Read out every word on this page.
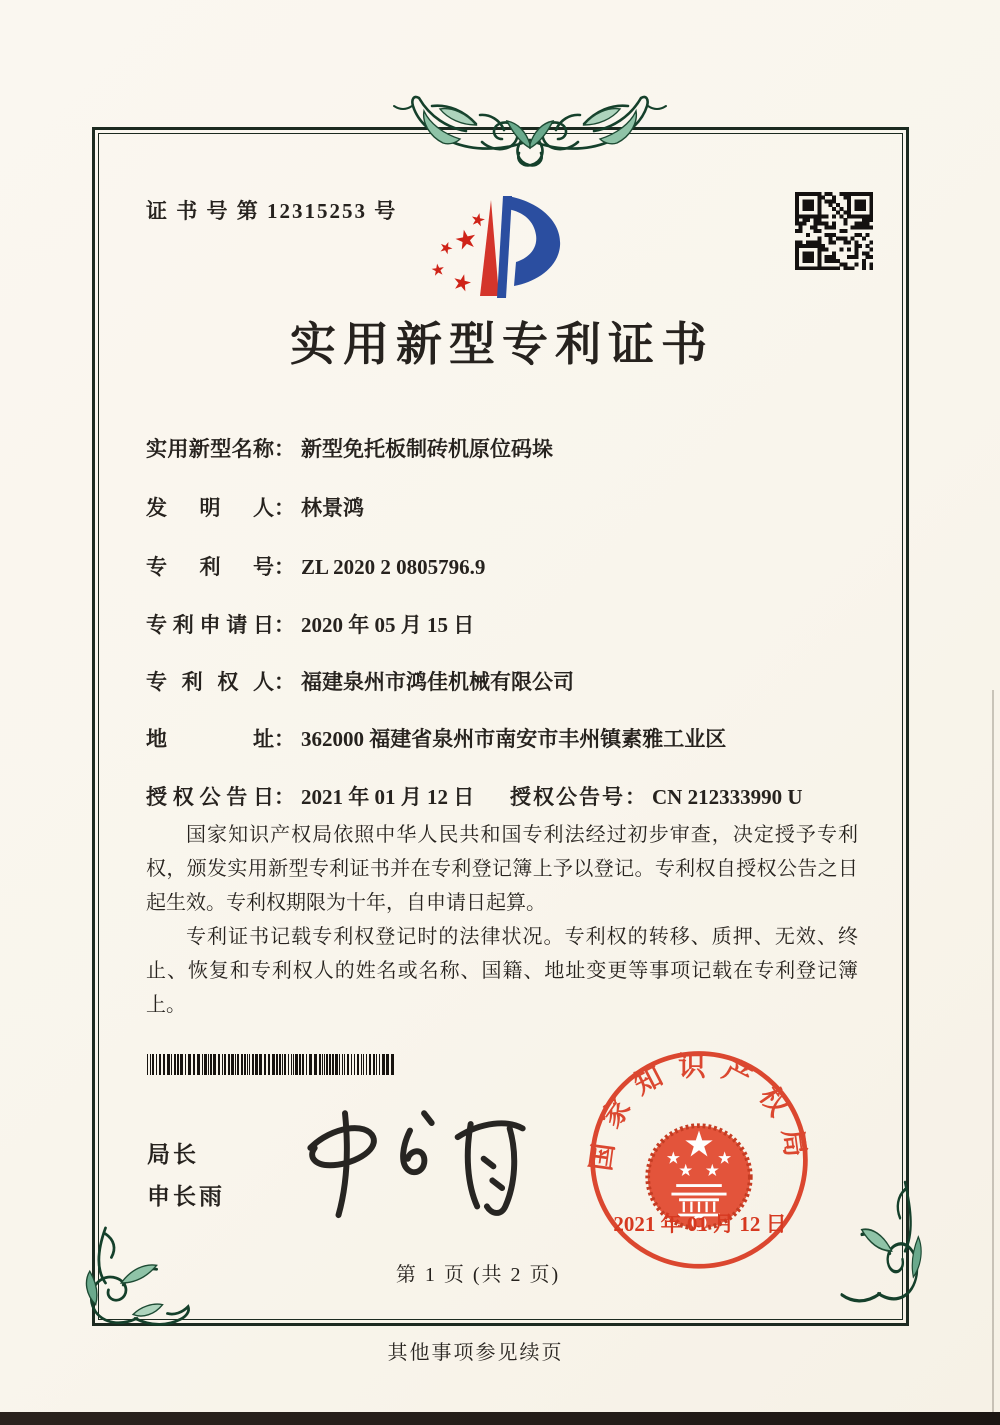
证 书 号 第 12315253 号
实用新型专利证书
实用新型名称： 新型免托板制砖机原位码垛
发明人： 林景鸿
专利号： ZL 2020 2 0805796.9
专利申请日： 2020 年 05 月 15 日
专利权人： 福建泉州市鸿佳机械有限公司
地址： 362000 福建省泉州市南安市丰州镇素雅工业区
授权公告日： 2021 年 01 月 12 日 授权公告号： CN 212333990 U

国家知识产权局依照中华人民共和国专利法经过初步审查，决定授予专利权，颁发实用新型专利证书并在专利登记簿上予以登记。专利权自授权公告之日起生效。专利权期限为十年，自申请日起算。

专利证书记载专利权登记时的法律状况。专利权的转移、质押、无效、终止、恢复和专利权人的姓名或名称、国籍、地址变更等事项记载在专利登记簿上。

局长
申长雨
国家知识产权局
2021 年 01 月 12 日
第 1 页 (共 2 页)
其他事项参见续页
